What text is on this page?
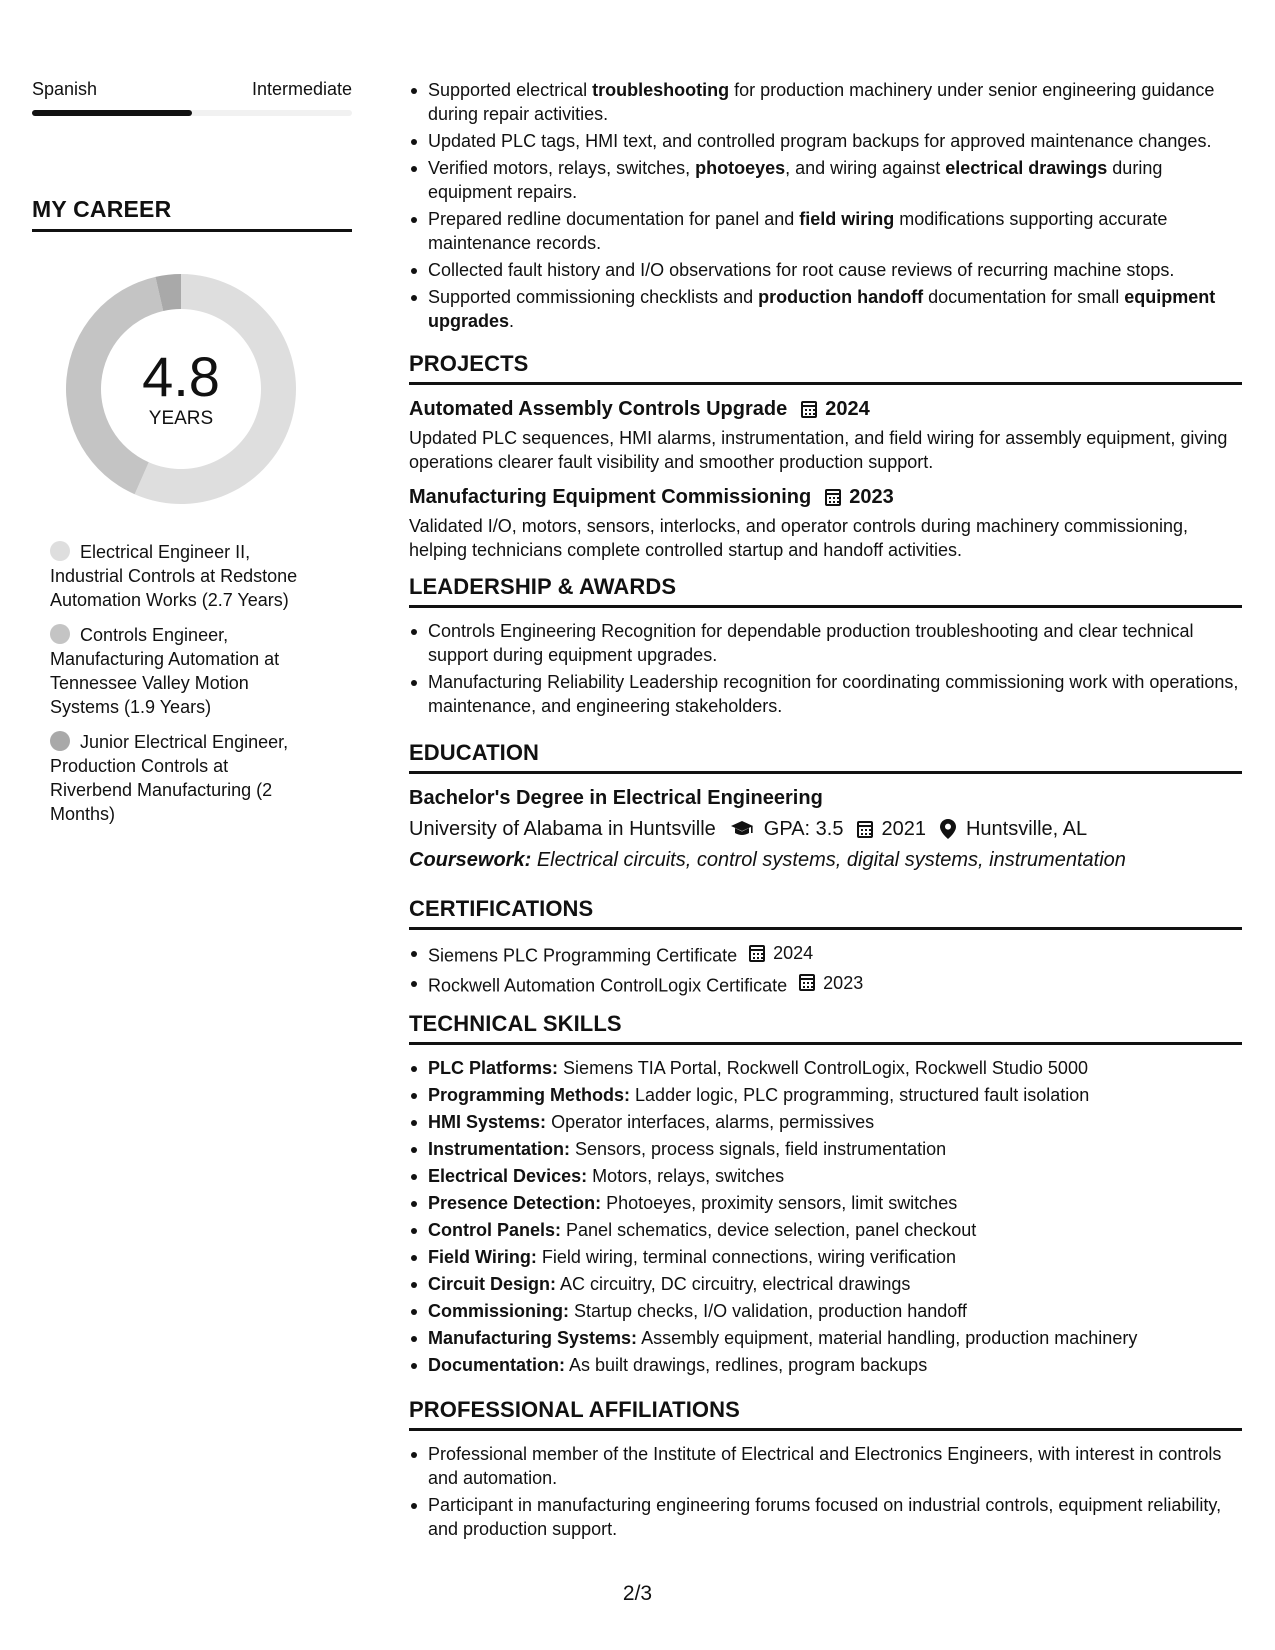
Spanish	Intermediate
MY CAREER
4.8
YEARS
Electrical Engineer II, Industrial Controls at Redstone Automation Works (2.7 Years)
Controls Engineer, Manufacturing Automation at Tennessee Valley Motion Systems (1.9 Years)
Junior Electrical Engineer, Production Controls at Riverbend Manufacturing (2 Months)
Supported electrical troubleshooting for production machinery under senior engineering guidance during repair activities.
Updated PLC tags, HMI text, and controlled program backups for approved maintenance changes.
Verified motors, relays, switches, photoeyes, and wiring against electrical drawings during equipment repairs.
Prepared redline documentation for panel and field wiring modifications supporting accurate maintenance records.
Collected fault history and I/O observations for root cause reviews of recurring machine stops.
Supported commissioning checklists and production handoff documentation for small equipment upgrades.
PROJECTS
Automated Assembly Controls Upgrade 2024
Updated PLC sequences, HMI alarms, instrumentation, and field wiring for assembly equipment, giving operations clearer fault visibility and smoother production support.
Manufacturing Equipment Commissioning 2023
Validated I/O, motors, sensors, interlocks, and operator controls during machinery commissioning, helping technicians complete controlled startup and handoff activities.
LEADERSHIP & AWARDS
Controls Engineering Recognition for dependable production troubleshooting and clear technical support during equipment upgrades.
Manufacturing Reliability Leadership recognition for coordinating commissioning work with operations, maintenance, and engineering stakeholders.
EDUCATION
Bachelor's Degree in Electrical Engineering
University of Alabama in Huntsville GPA: 3.5 2021 Huntsville, AL
Coursework: Electrical circuits, control systems, digital systems, instrumentation
CERTIFICATIONS
Siemens PLC Programming Certificate 2024
Rockwell Automation ControlLogix Certificate 2023
TECHNICAL SKILLS
PLC Platforms: Siemens TIA Portal, Rockwell ControlLogix, Rockwell Studio 5000
Programming Methods: Ladder logic, PLC programming, structured fault isolation
HMI Systems: Operator interfaces, alarms, permissives
Instrumentation: Sensors, process signals, field instrumentation
Electrical Devices: Motors, relays, switches
Presence Detection: Photoeyes, proximity sensors, limit switches
Control Panels: Panel schematics, device selection, panel checkout
Field Wiring: Field wiring, terminal connections, wiring verification
Circuit Design: AC circuitry, DC circuitry, electrical drawings
Commissioning: Startup checks, I/O validation, production handoff
Manufacturing Systems: Assembly equipment, material handling, production machinery
Documentation: As built drawings, redlines, program backups
PROFESSIONAL AFFILIATIONS
Professional member of the Institute of Electrical and Electronics Engineers, with interest in controls and automation.
Participant in manufacturing engineering forums focused on industrial controls, equipment reliability, and production support.
2/3
